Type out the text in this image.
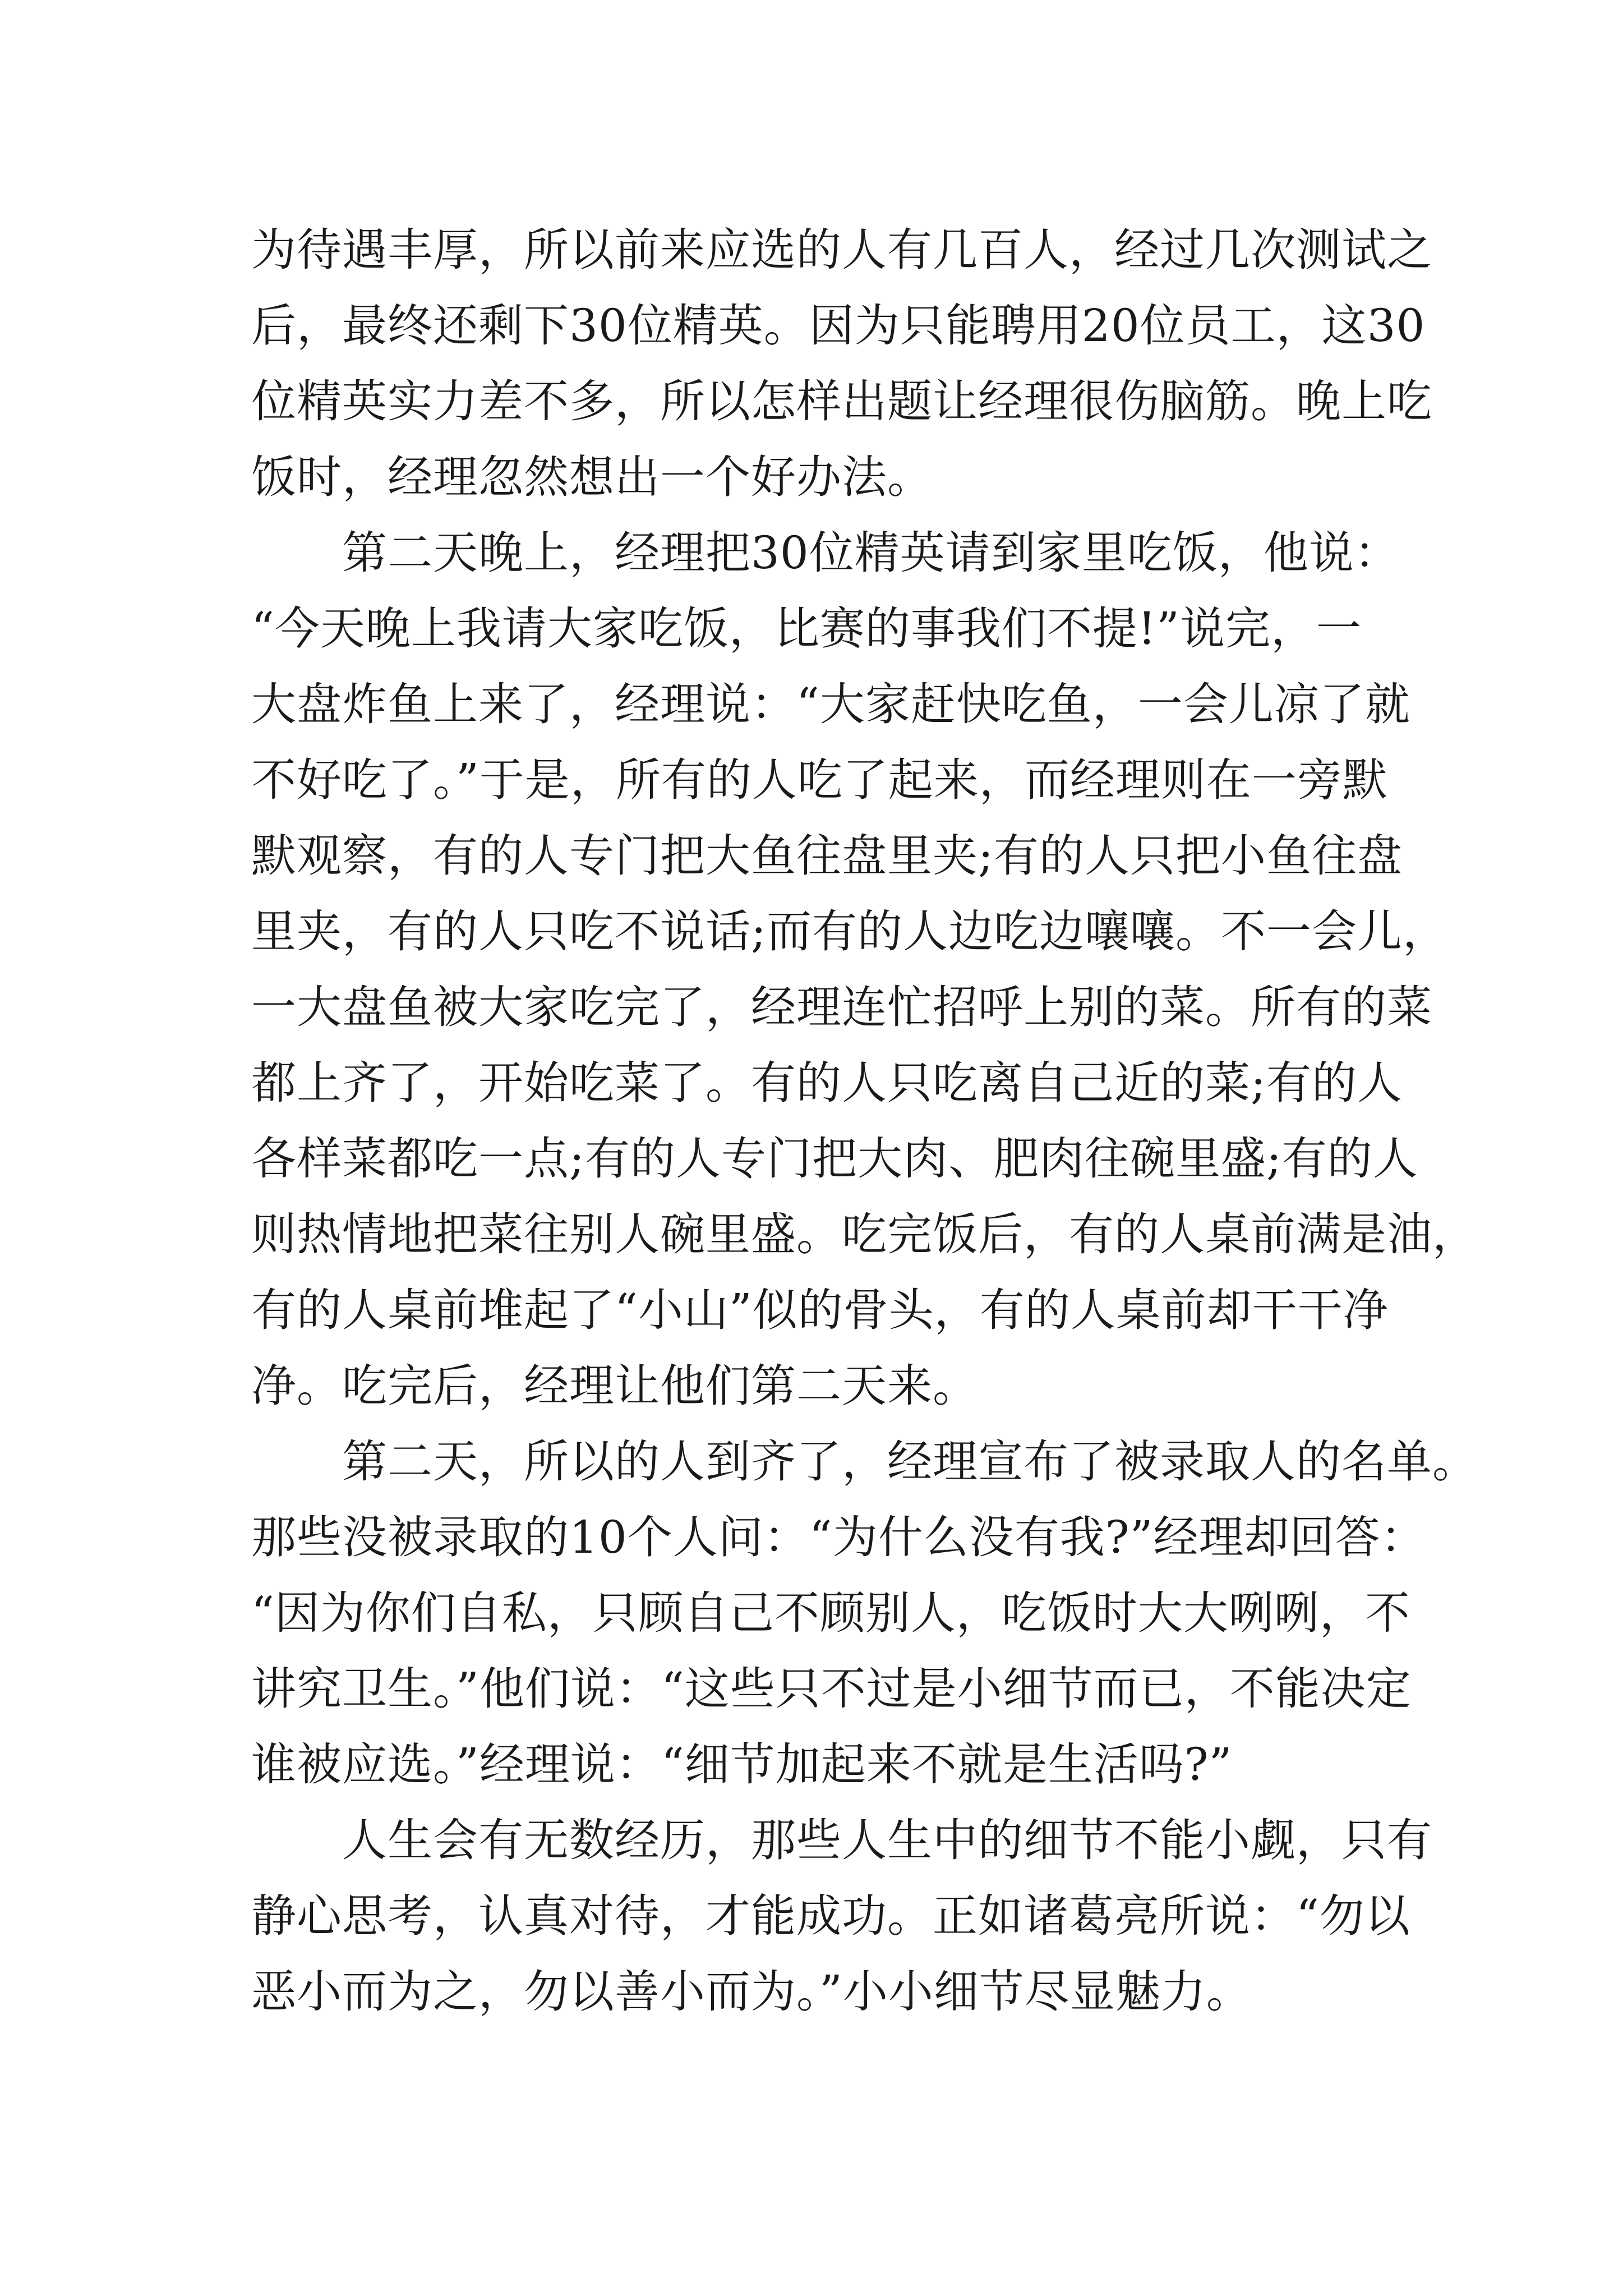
为待遇丰厚，所以前来应选的人有几百人，经过几次测试之
后，最终还剩下30位精英。因为只能聘用20位员工，这30
位精英实力差不多，所以怎样出题让经理很伤脑筋。晚上吃
饭时，经理忽然想出一个好办法。

第二天晚上，经理把30位精英请到家里吃饭，他说：
“今天晚上我请大家吃饭，比赛的事我们不提!”说完，一
大盘炸鱼上来了，经理说：“大家赶快吃鱼，一会儿凉了就
不好吃了。”于是，所有的人吃了起来，而经理则在一旁默
默观察，有的人专门把大鱼往盘里夹;有的人只把小鱼往盘
里夹，有的人只吃不说话;而有的人边吃边嚷嚷。不一会儿，
一大盘鱼被大家吃完了，经理连忙招呼上别的菜。所有的菜
都上齐了，开始吃菜了。有的人只吃离自己近的菜;有的人
各样菜都吃一点;有的人专门把大肉、肥肉往碗里盛;有的人
则热情地把菜往别人碗里盛。吃完饭后，有的人桌前满是油，
有的人桌前堆起了“小山”似的骨头，有的人桌前却干干净
净。吃完后，经理让他们第二天来。

第二天，所以的人到齐了，经理宣布了被录取人的名单。
那些没被录取的10个人问：“为什么没有我?”经理却回答：
“因为你们自私，只顾自己不顾别人，吃饭时大大咧咧，不
讲究卫生。”他们说：“这些只不过是小细节而已，不能决定
谁被应选。”经理说：“细节加起来不就是生活吗?”

人生会有无数经历，那些人生中的细节不能小觑，只有
静心思考，认真对待，才能成功。正如诸葛亮所说：“勿以
恶小而为之，勿以善小而为。”小小细节尽显魅力。
